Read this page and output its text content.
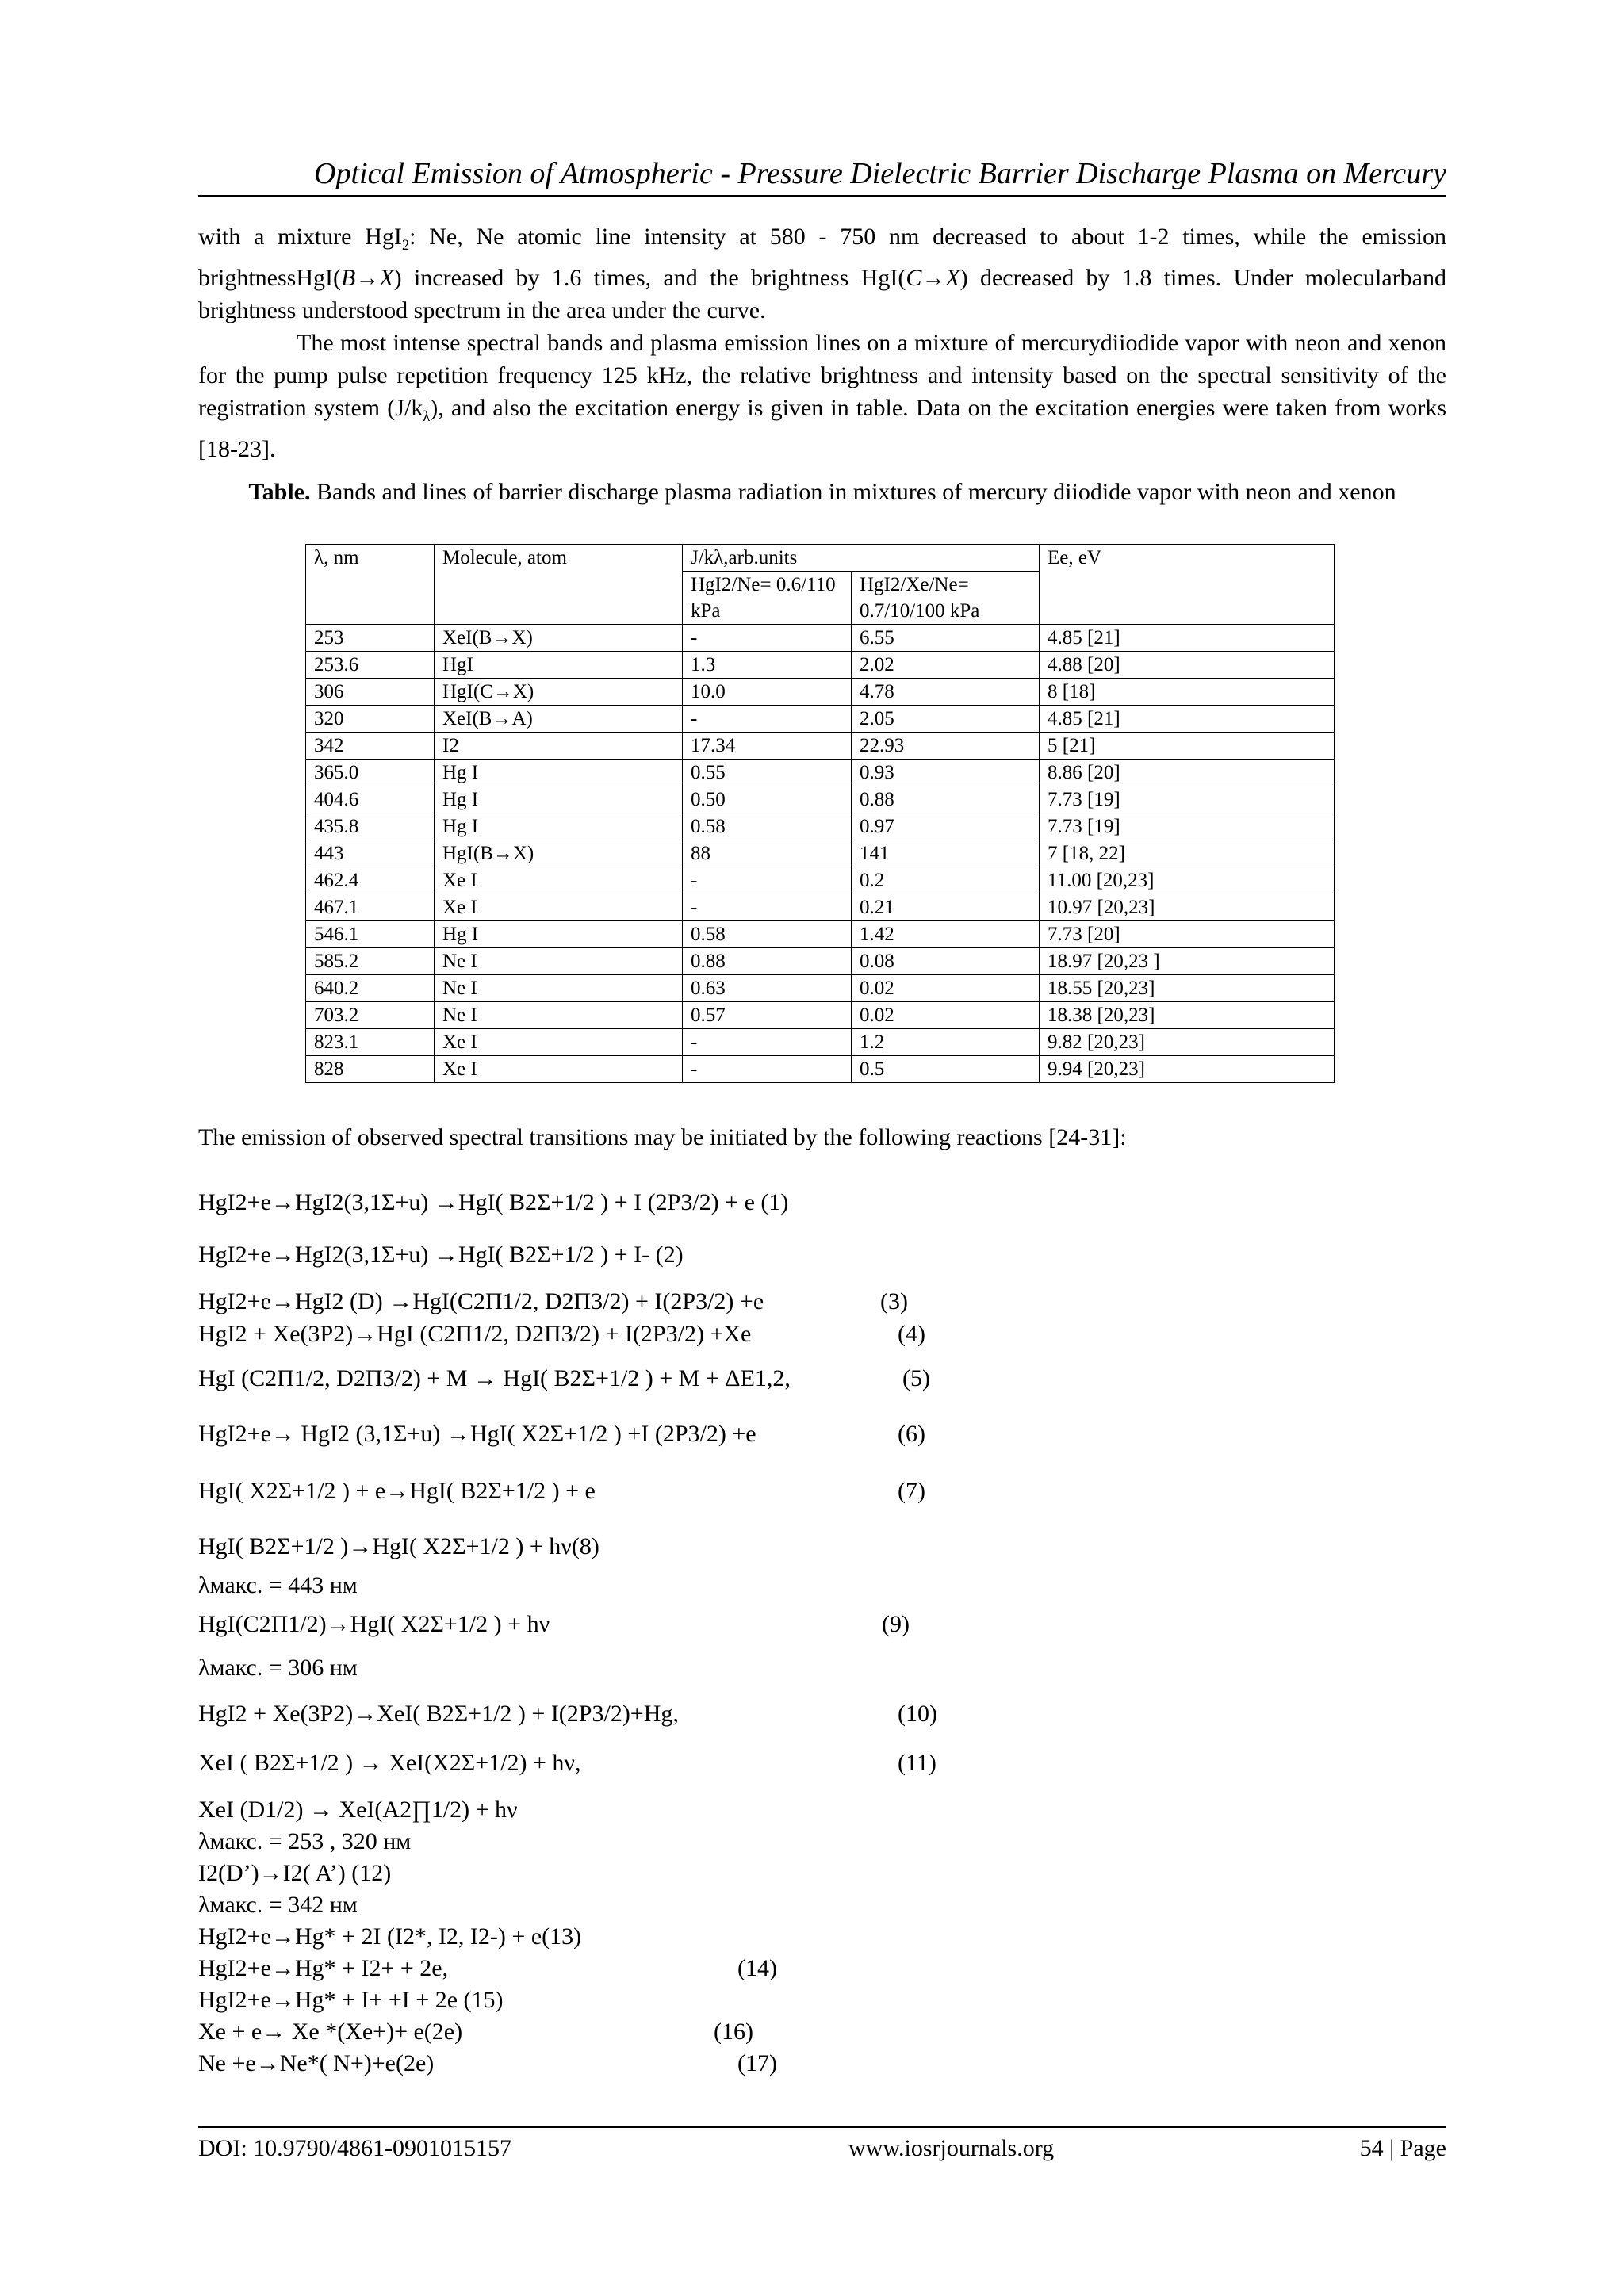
Optical Emission of Atmospheric - Pressure Dielectric Barrier Discharge Plasma on Mercury

with a mixture HgI$_2$: Ne, Ne atomic line intensity at 580 - 750 nm decreased to about 1-2 times, while the emission brightnessHgI(B→X) increased by 1.6 times, and the brightness HgI(C→X) decreased by 1.8 times. Under molecularband brightness understood spectrum in the area under the curve.

The most intense spectral bands and plasma emission lines on a mixture of mercurydiiodide vapor with neon and xenon for the pump pulse repetition frequency 125 kHz, the relative brightness and intensity based on the spectral sensitivity of the registration system $(J/k_\lambda)$, and also the excitation energy is given in table. Data on the excitation energies were taken from works [18-23].

Table. Bands and lines of barrier discharge plasma radiation in mixtures of mercury diiodide vapor with neon and xenon
λ, nm	Molecule, atom	J/kλ,arb.units		Ee, eV
		HgI2/Ne= 0.6/110 kPa	HgI2/Xe/Ne= 0.7/10/100 kPa	
253	XeI(B→X)	-	6.55	4.85 [21]
253.6	HgI	1.3	2.02	4.88 [20]
306	HgI(C→X)	10.0	4.78	8 [18]
320	XeI(B→A)	-	2.05	4.85 [21]
342	I2	17.34	22.93	5 [21]
365.0	Hg I	0.55	0.93	8.86 [20]
404.6	Hg I	0.50	0.88	7.73 [19]
435.8	Hg I	0.58	0.97	7.73 [19]
443	HgI(B→X)	88	141	7 [18, 22]
462.4	Xe I	-	0.2	11.00 [20,23]
467.1	Xe I	-	0.21	10.97 [20,23]
546.1	Hg I	0.58	1.42	7.73 [20]
585.2	Ne I	0.88	0.08	18.97 [20,23 ]
640.2	Ne I	0.63	0.02	18.55 [20,23]
703.2	Ne I	0.57	0.02	18.38 [20,23]
823.1	Xe I	-	1.2	9.82 [20,23]
828	Xe I	-	0.5	9.94 [20,23]
The emission of observed spectral transitions may be initiated by the following reactions [24-31]:
HgI2+e→HgI2(3,1Σ+u) →HgI( B2Σ+1/2 ) + I (2P3/2) + e (1)
HgI2+e→HgI2(3,1Σ+u) →HgI( B2Σ+1/2 ) + I- (2)
HgI2+e→HgI2 (D) →HgI(C2Π1/2, D2Π3/2) + I(2P3/2) +e	(3)
HgI2 + Xe(3P2)→HgI (C2Π1/2, D2Π3/2) + I(2P3/2) +Xe	(4)
HgI (C2Π1/2, D2Π3/2) + M → HgI( B2Σ+1/2 ) + M + ΔE1,2,	(5)
HgI2+e→ HgI2 (3,1Σ+u) →HgI( X2Σ+1/2 ) +I (2P3/2) +e	(6)
HgI( X2Σ+1/2 ) + e→HgI( B2Σ+1/2 ) + e	(7)
HgI( B2Σ+1/2 )→HgI( X2Σ+1/2 ) + hν(8)
λмакс. = 443 нм
HgI(C2Π1/2)→HgI( X2Σ+1/2 ) + hν	(9)
λмакс. = 306 нм
HgI2 + Xe(3P2)→XeI( B2Σ+1/2 ) + I(2P3/2)+Hg,	(10)
XeI ( B2Σ+1/2 ) → XeI(X2Σ+1/2) + hν,	(11)
XeI (D1/2) → XeI(A2∏1/2) + hν
λмакс. = 253 , 320 нм
I2(D’)→I2( A’) (12)
λмакс. = 342 нм
HgI2+e→Hg* + 2I (I2*, I2, I2-) + e(13)
HgI2+e→Hg* + I2+ + 2e,	(14)
HgI2+e→Hg* + I+ +I + 2e (15)
Xe + e→ Xe *(Xe+)+ e(2e)	(16)
Ne +e→Ne*( N+)+e(2e)	(17)
DOI: 10.9790/4861-0901015157	www.iosrjournals.org	54 | Page
